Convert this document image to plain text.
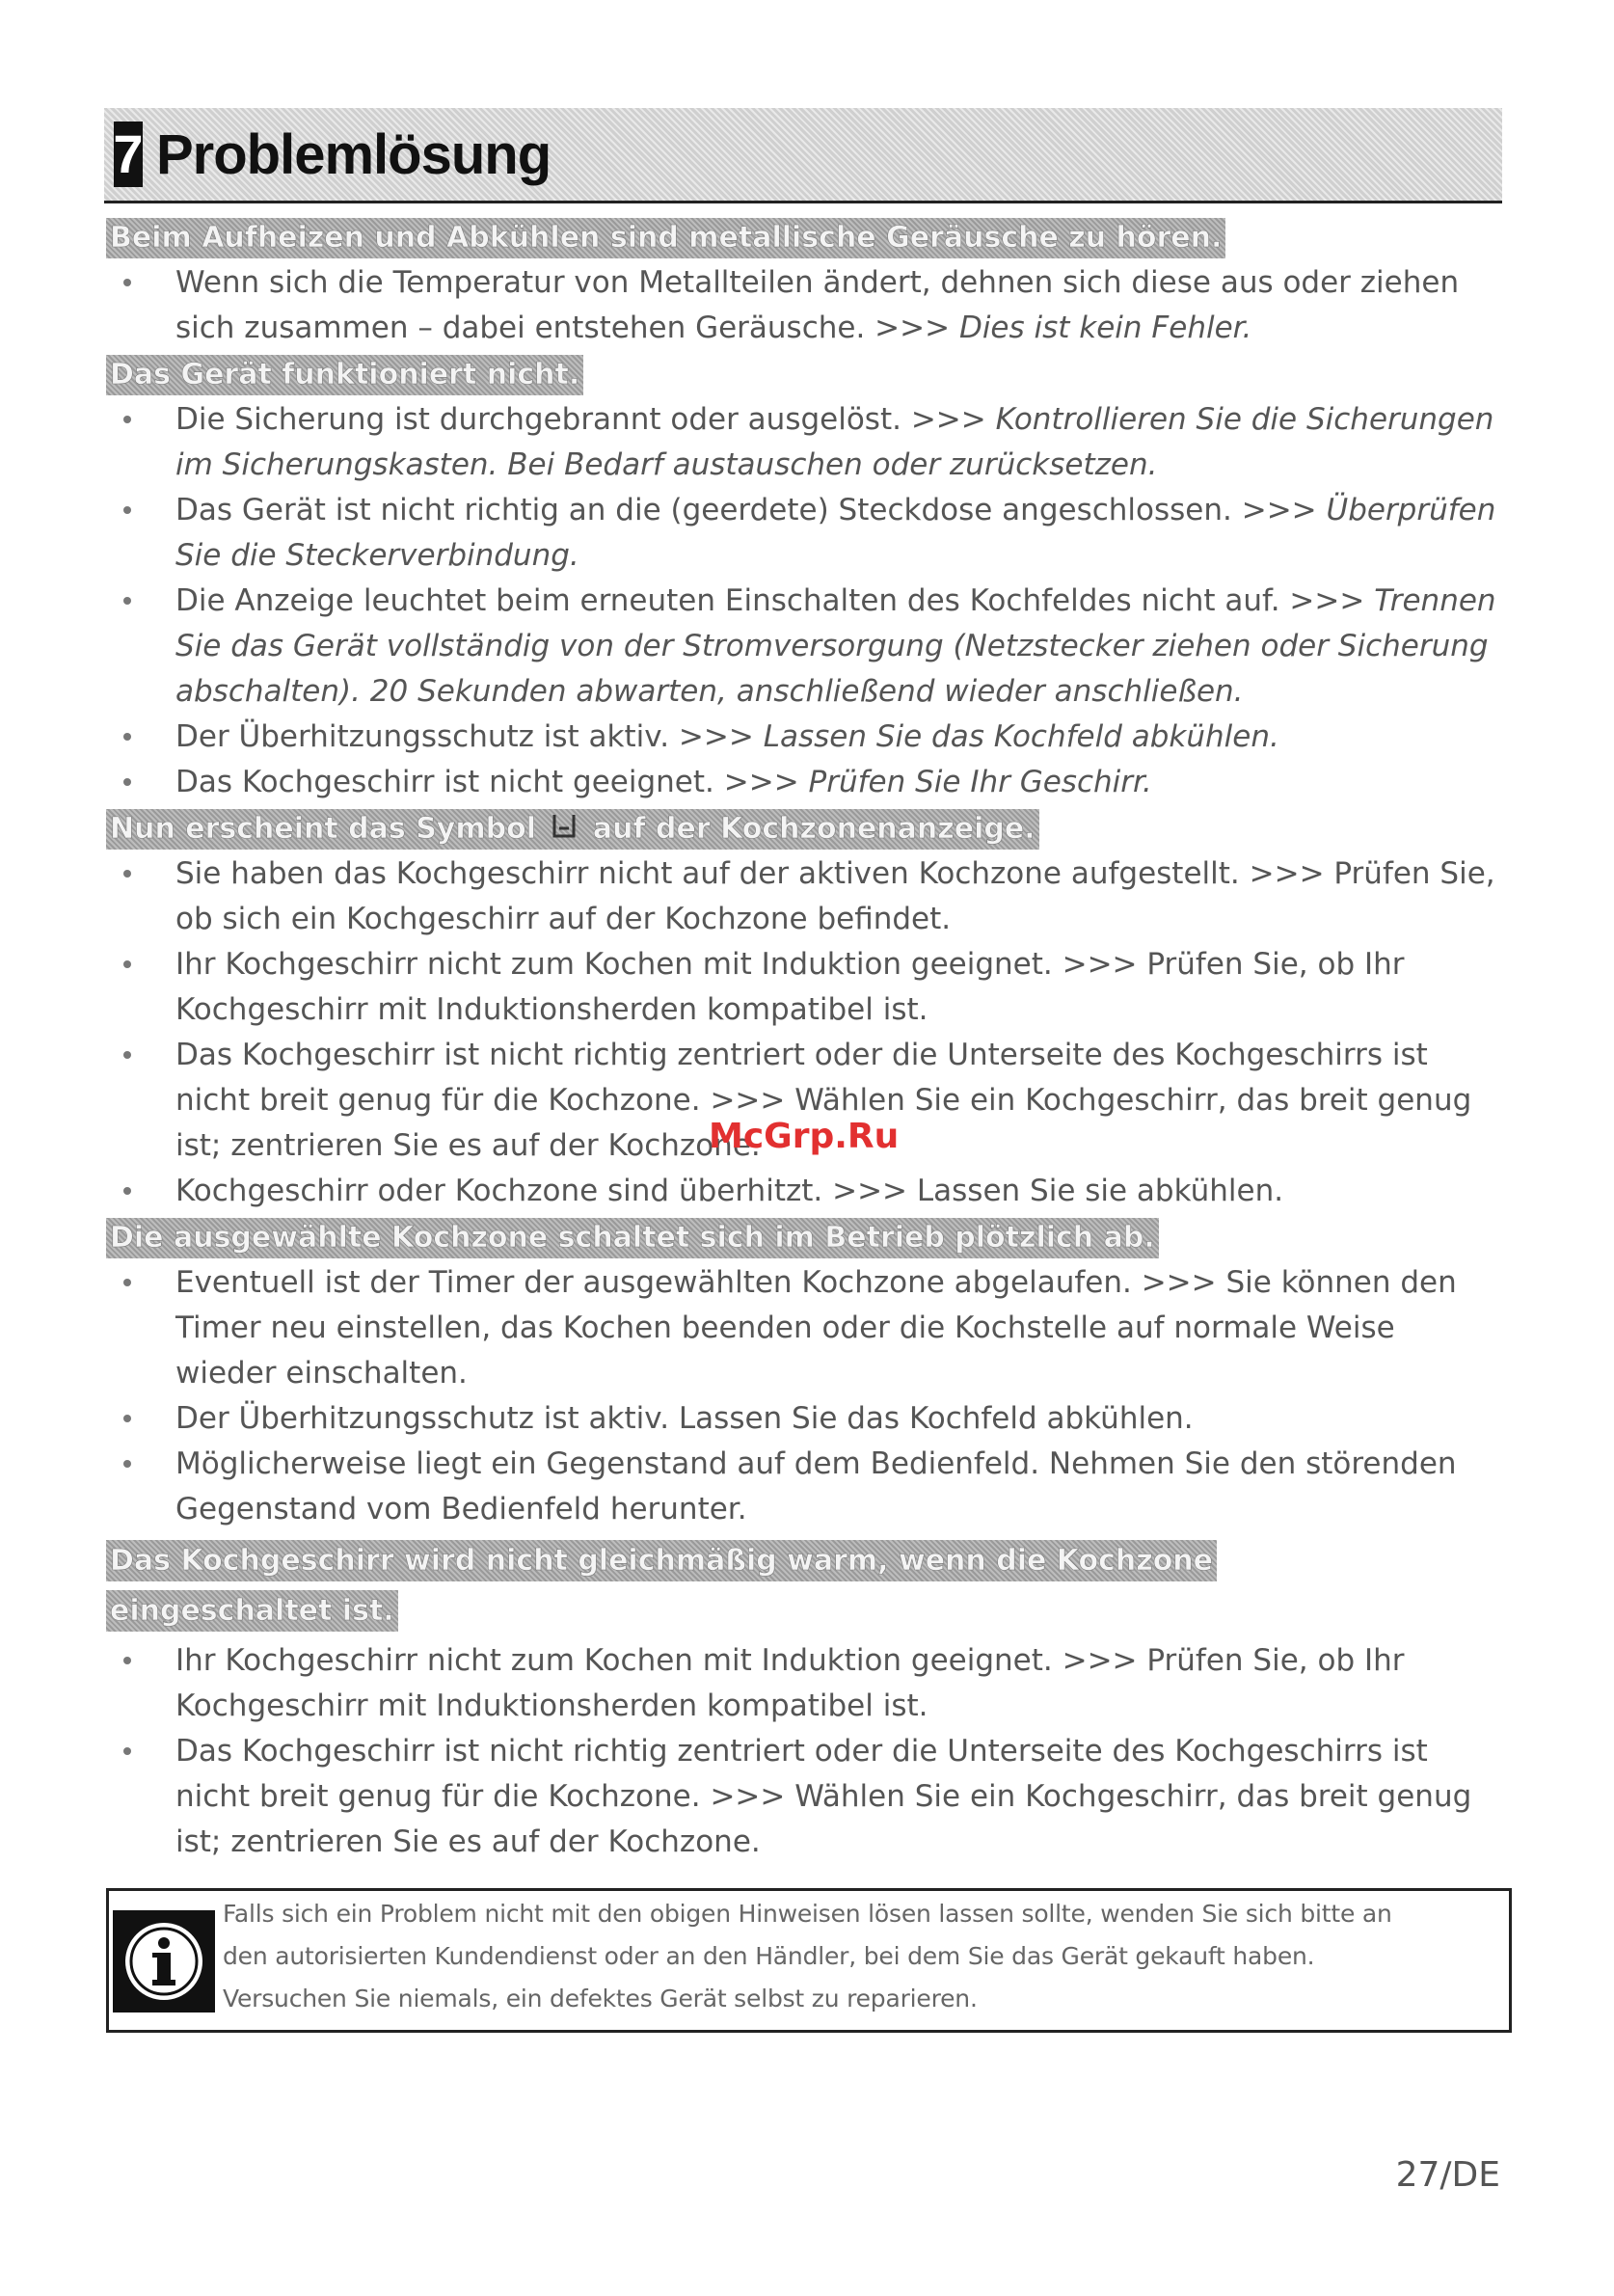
7 Problemlösung
Beim Aufheizen und Abkühlen sind metallische Geräusche zu hören.
Wenn sich die Temperatur von Metallteilen ändert, dehnen sich diese aus oder ziehen sich zusammen – dabei entstehen Geräusche. >>> Dies ist kein Fehler.
Das Gerät funktioniert nicht.
Die Sicherung ist durchgebrannt oder ausgelöst. >>> Kontrollieren Sie die Sicherungen im Sicherungskasten. Bei Bedarf austauschen oder zurücksetzen.
Das Gerät ist nicht richtig an die (geerdete) Steckdose angeschlossen. >>> Überprüfen Sie die Steckerverbindung.
Die Anzeige leuchtet beim erneuten Einschalten des Kochfeldes nicht auf. >>> Trennen Sie das Gerät vollständig von der Stromversorgung (Netzstecker ziehen oder Sicherung abschalten). 20 Sekunden abwarten, anschließend wieder anschließen.
Der Überhitzungsschutz ist aktiv. >>> Lassen Sie das Kochfeld abkühlen.
Das Kochgeschirr ist nicht geeignet. >>> Prüfen Sie Ihr Geschirr.
Nun erscheint das Symbol auf der Kochzonenanzeige.
Sie haben das Kochgeschirr nicht auf der aktiven Kochzone aufgestellt. >>> Prüfen Sie, ob sich ein Kochgeschirr auf der Kochzone befindet.
Ihr Kochgeschirr nicht zum Kochen mit Induktion geeignet. >>> Prüfen Sie, ob Ihr Kochgeschirr mit Induktionsherden kompatibel ist.
Das Kochgeschirr ist nicht richtig zentriert oder die Unterseite des Kochgeschirrs ist nicht breit genug für die Kochzone. >>> Wählen Sie ein Kochgeschirr, das breit genug ist; zentrieren Sie es auf der Kochzone.
Kochgeschirr oder Kochzone sind überhitzt. >>> Lassen Sie sie abkühlen.
Die ausgewählte Kochzone schaltet sich im Betrieb plötzlich ab.
Eventuell ist der Timer der ausgewählten Kochzone abgelaufen. >>> Sie können den Timer neu einstellen, das Kochen beenden oder die Kochstelle auf normale Weise wieder einschalten.
Der Überhitzungsschutz ist aktiv. Lassen Sie das Kochfeld abkühlen.
Möglicherweise liegt ein Gegenstand auf dem Bedienfeld. Nehmen Sie den störenden Gegenstand vom Bedienfeld herunter.
Das Kochgeschirr wird nicht gleichmäßig warm, wenn die Kochzone eingeschaltet ist.
Ihr Kochgeschirr nicht zum Kochen mit Induktion geeignet. >>> Prüfen Sie, ob Ihr Kochgeschirr mit Induktionsherden kompatibel ist.
Das Kochgeschirr ist nicht richtig zentriert oder die Unterseite des Kochgeschirrs ist nicht breit genug für die Kochzone. >>> Wählen Sie ein Kochgeschirr, das breit genug ist; zentrieren Sie es auf der Kochzone.
Falls sich ein Problem nicht mit den obigen Hinweisen lösen lassen sollte, wenden Sie sich bitte an
den autorisierten Kundendienst oder an den Händler, bei dem Sie das Gerät gekauft haben.
Versuchen Sie niemals, ein defektes Gerät selbst zu reparieren.
McGrp.Ru
27/DE
